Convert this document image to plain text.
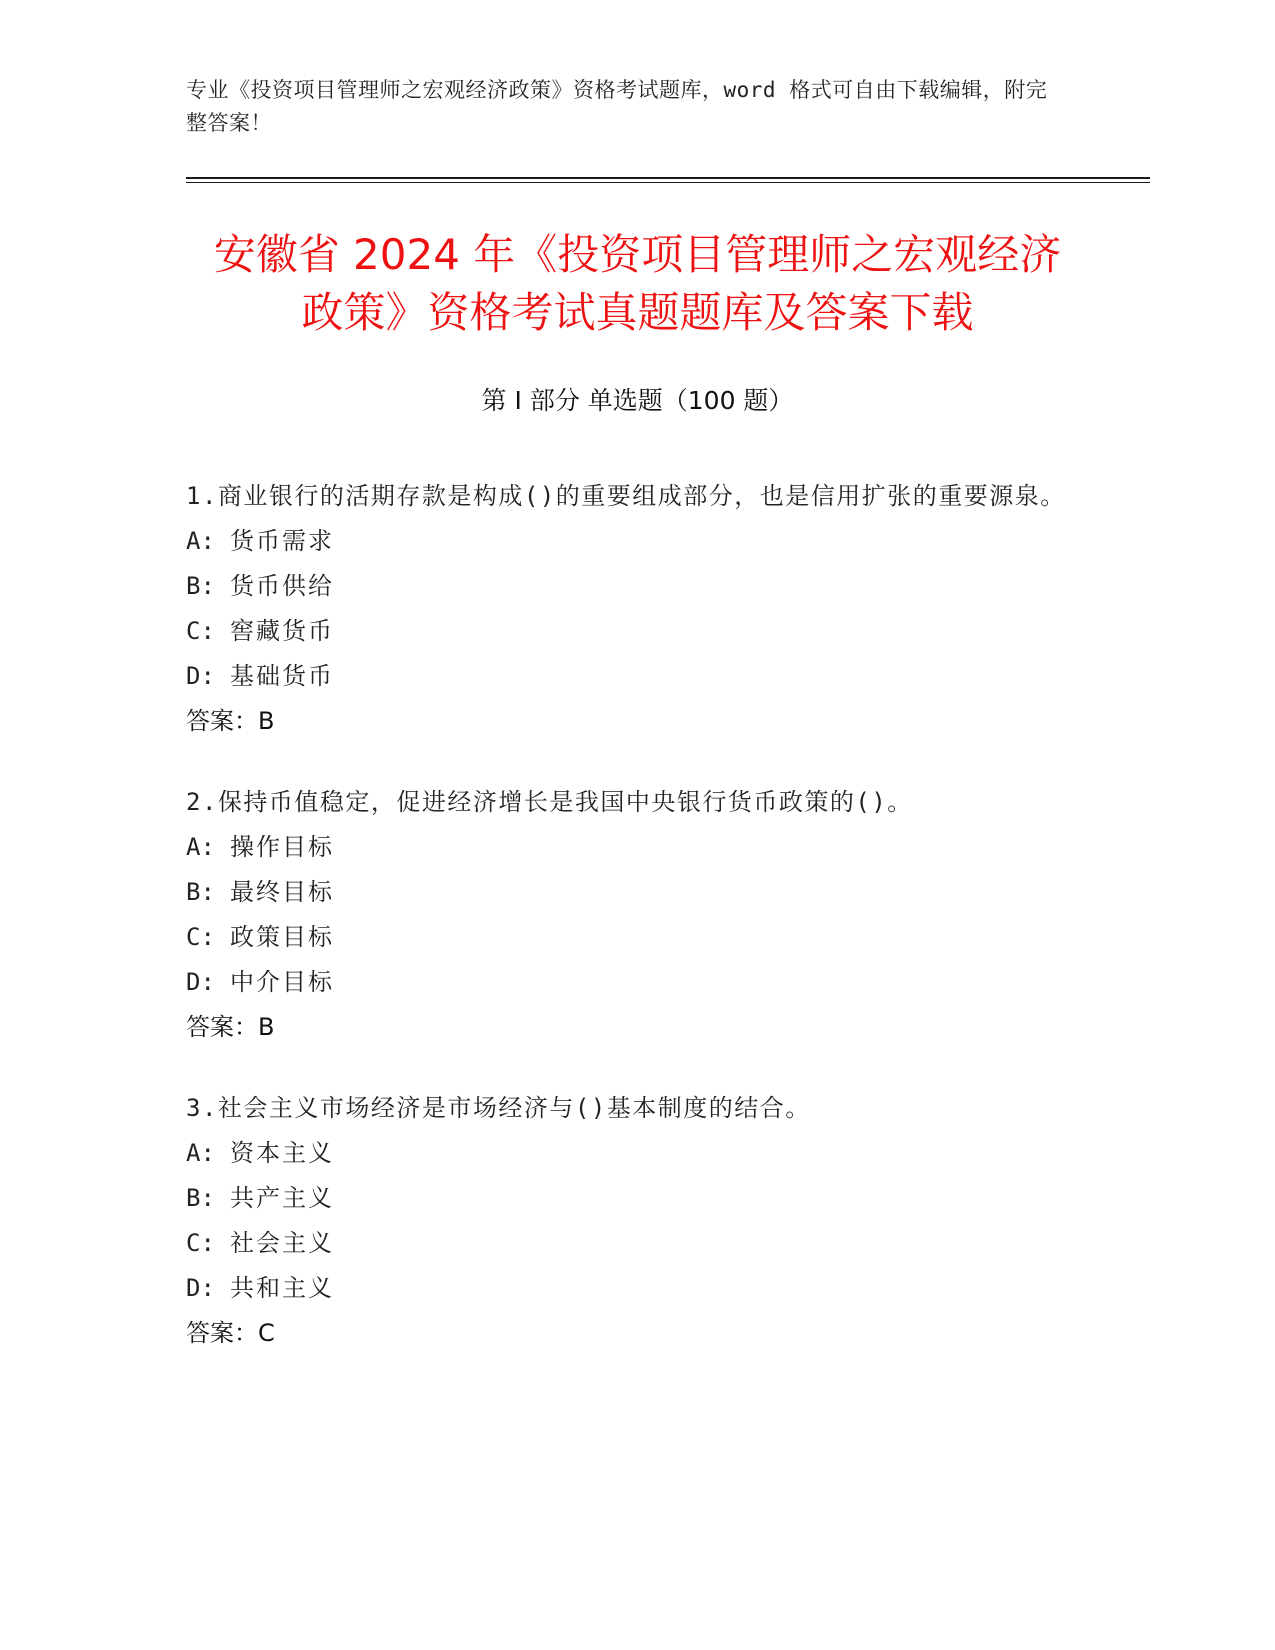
专业《投资项目管理师之宏观经济政策》资格考试题库，word 格式可自由下载编辑，附完整答案！
安徽省 2024 年《投资项目管理师之宏观经济
政策》资格考试真题题库及答案下载
第 I 部分 单选题（100 题）
1.商业银行的活期存款是构成()的重要组成部分，也是信用扩张的重要源泉。
A: 货币需求
B: 货币供给
C: 窖藏货币
D: 基础货币
答案：B
2.保持币值稳定，促进经济增长是我国中央银行货币政策的()。
A: 操作目标
B: 最终目标
C: 政策目标
D: 中介目标
答案：B
3.社会主义市场经济是市场经济与()基本制度的结合。
A: 资本主义
B: 共产主义
C: 社会主义
D: 共和主义
答案：C
